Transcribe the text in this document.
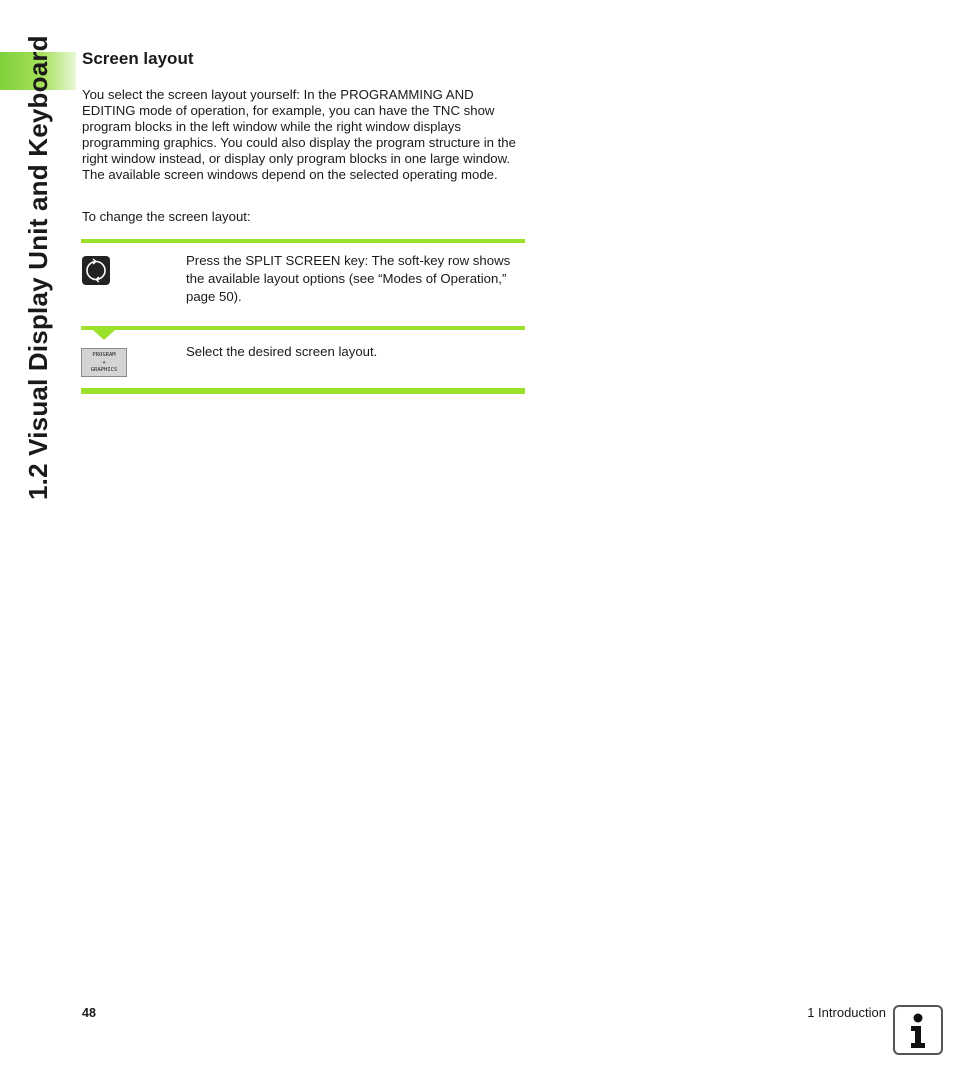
1.2 Visual Display Unit and Keyboard Screen layout
You select the screen layout yourself: In the PROGRAMMING AND EDITING mode of operation, for example, you can have the TNC show program blocks in the left window while the right window displays programming graphics. You could also display the program structure in the right window instead, or display only program blocks in one large window. The available screen windows depend on the selected operating mode.
To change the screen layout:
Press the SPLIT SCREEN key: The soft-key row shows the available layout options (see “Modes of Operation,” page 50).
PROGRAM
+
GRAPHICS
Select the desired screen layout.
48	1 Introduction
